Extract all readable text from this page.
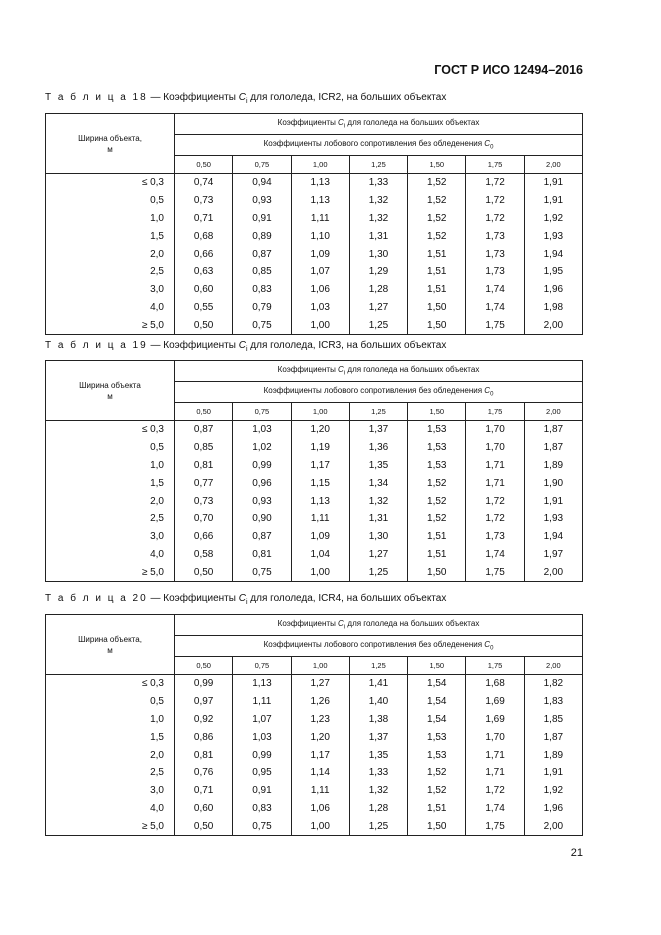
ГОСТ Р ИСО 12494–2016
Т а б л и ц а 18 — Коэффициенты $C_i$ для гололеда, ICR2, на больших объектах
Ширина объекта,
м	Коэффициенты $C_i$ для гололеда на больших объектах						
	Коэффициенты лобового сопротивления без обледенения $C_0$
	0,50	0,75	1,00	1,25	1,50	1,75	2,00
≤ 0,3	0,74	0,94	1,13	1,33	1,52	1,72	1,91
0,5	0,73	0,93	1,13	1,32	1,52	1,72	1,91
1,0	0,71	0,91	1,11	1,32	1,52	1,72	1,92
1,5	0,68	0,89	1,10	1,31	1,52	1,73	1,93
2,0	0,66	0,87	1,09	1,30	1,51	1,73	1,94
2,5	0,63	0,85	1,07	1,29	1,51	1,73	1,95
3,0	0,60	0,83	1,06	1,28	1,51	1,74	1,96
4,0	0,55	0,79	1,03	1,27	1,50	1,74	1,98
≥ 5,0	0,50	0,75	1,00	1,25	1,50	1,75	2,00
Т а б л и ц а 19 — Коэффициенты $C_i$ для гололеда, ICR3, на больших объектах
Ширина объекта
м	Коэффициенты $C_i$ для гололеда на больших объектах						
	Коэффициенты лобового сопротивления без обледенения $C_0$
	0,50	0,75	1,00	1,25	1,50	1,75	2,00
≤ 0,3	0,87	1,03	1,20	1,37	1,53	1,70	1,87
0,5	0,85	1,02	1,19	1,36	1,53	1,70	1,87
1,0	0,81	0,99	1,17	1,35	1,53	1,71	1,89
1,5	0,77	0,96	1,15	1,34	1,52	1,71	1,90
2,0	0,73	0,93	1,13	1,32	1,52	1,72	1,91
2,5	0,70	0,90	1,11	1,31	1,52	1,72	1,93
3,0	0,66	0,87	1,09	1,30	1,51	1,73	1,94
4,0	0,58	0,81	1,04	1,27	1,51	1,74	1,97
≥ 5,0	0,50	0,75	1,00	1,25	1,50	1,75	2,00
Т а б л и ц а 20 — Коэффициенты $C_i$ для гололеда, ICR4, на больших объектах
Ширина объекта,
м	Коэффициенты $C_i$ для гололеда на больших объектах						
	Коэффициенты лобового сопротивления без обледенения $C_0$
	0,50	0,75	1,00	1,25	1,50	1,75	2,00
≤ 0,3	0,99	1,13	1,27	1,41	1,54	1,68	1,82
0,5	0,97	1,11	1,26	1,40	1,54	1,69	1,83
1,0	0,92	1,07	1,23	1,38	1,54	1,69	1,85
1,5	0,86	1,03	1,20	1,37	1,53	1,70	1,87
2,0	0,81	0,99	1,17	1,35	1,53	1,71	1,89
2,5	0,76	0,95	1,14	1,33	1,52	1,71	1,91
3,0	0,71	0,91	1,11	1,32	1,52	1,72	1,92
4,0	0,60	0,83	1,06	1,28	1,51	1,74	1,96
≥ 5,0	0,50	0,75	1,00	1,25	1,50	1,75	2,00
21
